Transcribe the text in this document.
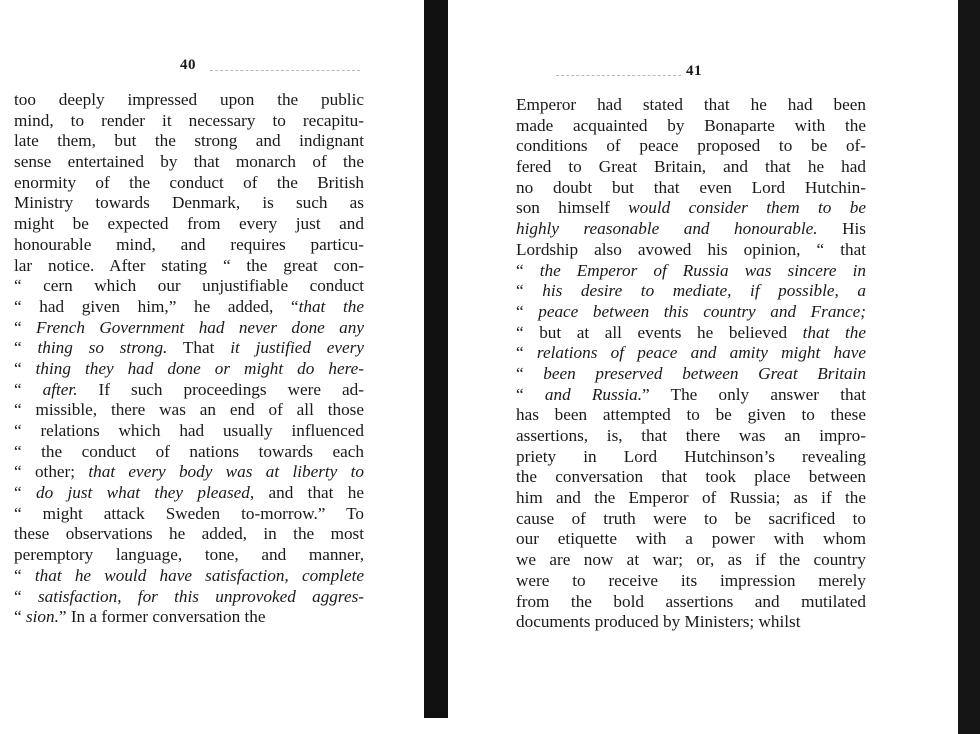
40
too deeply impressed upon the public
mind, to render it necessary to recapitu-
late them, but the strong and indignant
sense entertained by that monarch of the
enormity of the conduct of the British
Ministry towards Denmark, is such as
might be expected from every just and
honourable mind, and requires particu-
lar notice. After stating “ the great con-
“ cern which our unjustifiable conduct
“ had given him,” he added, “that the
“ French Government had never done any
“ thing so strong. That it justified every
“ thing they had done or might do here-
“ after. If such proceedings were ad-
“ missible, there was an end of all those
“ relations which had usually influenced
“ the conduct of nations towards each
“ other; that every body was at liberty to
“ do just what they pleased, and that he
“ might attack Sweden to-morrow.” To
these observations he added, in the most
peremptory language, tone, and manner,
“ that he would have satisfaction, complete
“ satisfaction, for this unprovoked aggres-
“ sion.” In a former conversation the
41
Emperor had stated that he had been
made acquainted by Bonaparte with the
conditions of peace proposed to be of-
fered to Great Britain, and that he had
no doubt but that even Lord Hutchin-
son himself would consider them to be
highly reasonable and honourable. His
Lordship also avowed his opinion, “ that
“ the Emperor of Russia was sincere in
“ his desire to mediate, if possible, a
“ peace between this country and France;
“ but at all events he believed that the
“ relations of peace and amity might have
“ been preserved between Great Britain
“ and Russia.” The only answer that
has been attempted to be given to these
assertions, is, that there was an impro-
priety in Lord Hutchinson’s revealing
the conversation that took place between
him and the Emperor of Russia; as if the
cause of truth were to be sacrificed to
our etiquette with a power with whom
we are now at war; or, as if the country
were to receive its impression merely
from the bold assertions and mutilated
documents produced by Ministers; whilst
